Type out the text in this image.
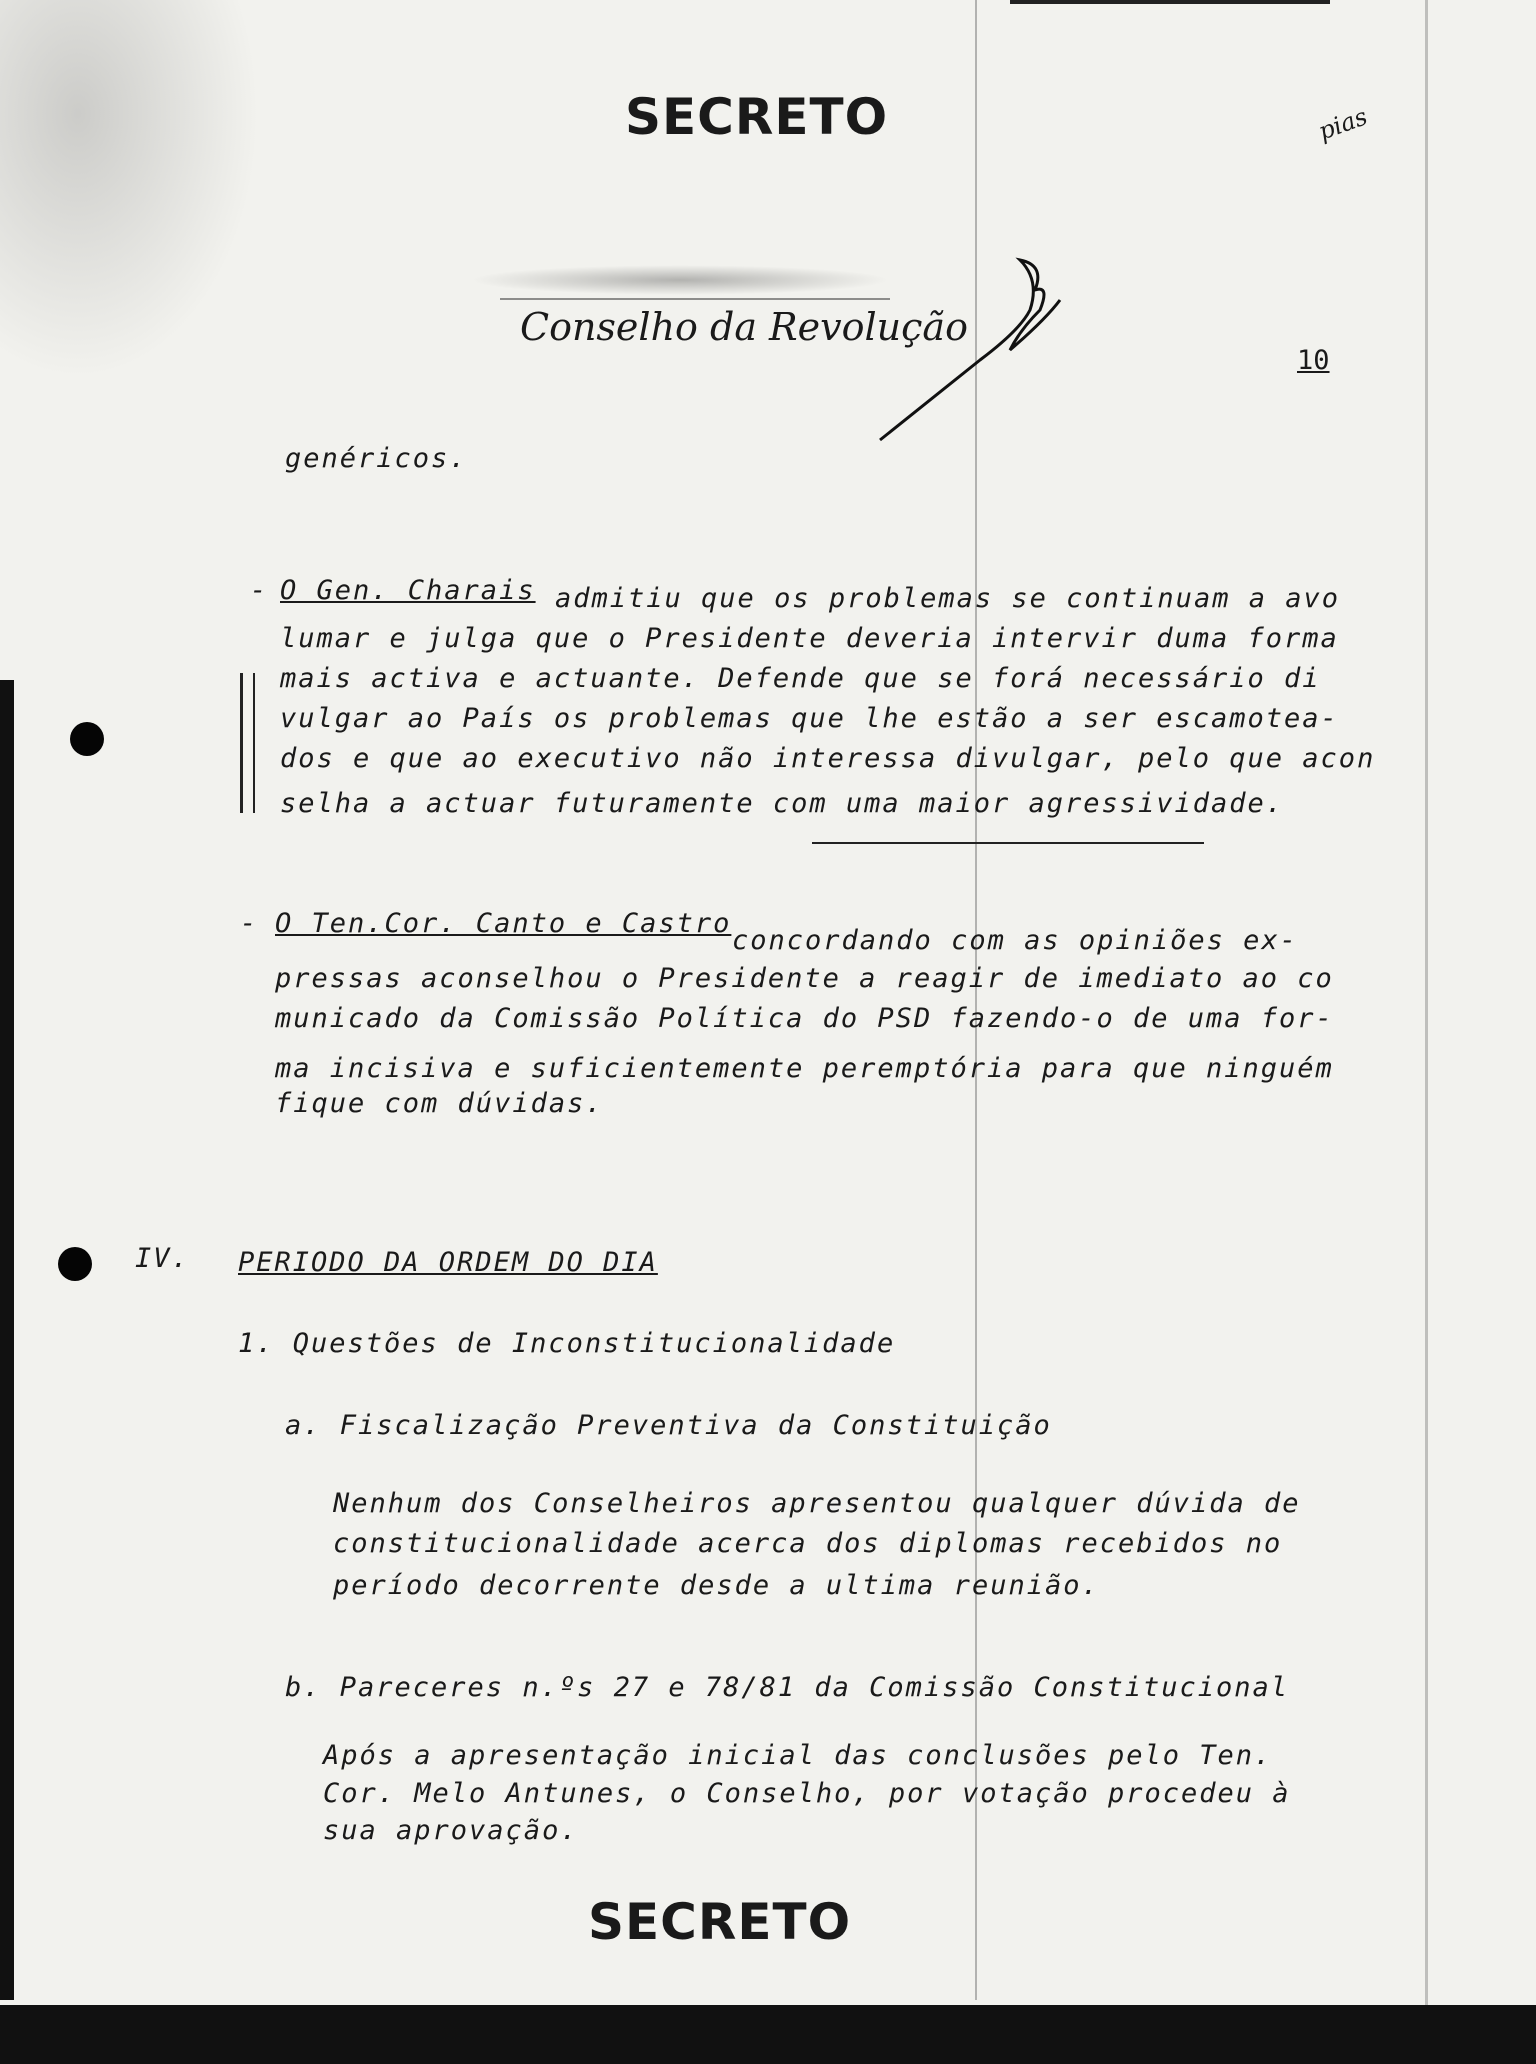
SECRETO	pias
Conselho da Revolução
10
genéricos.
- O Gen. Charais admitiu que os problemas se continuam a avo
lumar e julga que o Presidente deveria intervir duma forma
mais activa e actuante. Defende que se forá necessário di
vulgar ao País os problemas que lhe estão a ser escamotea-
dos e que ao executivo não interessa divulgar, pelo que acon
selha a actuar futuramente com uma maior agressividade.
- O Ten.Cor. Canto e Castro
concordando com as opiniões ex-
pressas aconselhou o Presidente a reagir de imediato ao co
municado da Comissão Política do PSD fazendo-o de uma for-
ma incisiva e suficientemente peremptória para que ninguém
fique com dúvidas.
IV. PERIODO DA ORDEM DO DIA
1. Questões de Inconstitucionalidade
a. Fiscalização Preventiva da Constituição
Nenhum dos Conselheiros apresentou qualquer dúvida de
constitucionalidade acerca dos diplomas recebidos no
período decorrente desde a ultima reunião.
b. Pareceres n.ºs 27 e 78/81 da Comissão Constitucional
Após a apresentação inicial das conclusões pelo Ten.
Cor. Melo Antunes, o Conselho, por votação procedeu à
sua aprovação.
SECRETO
